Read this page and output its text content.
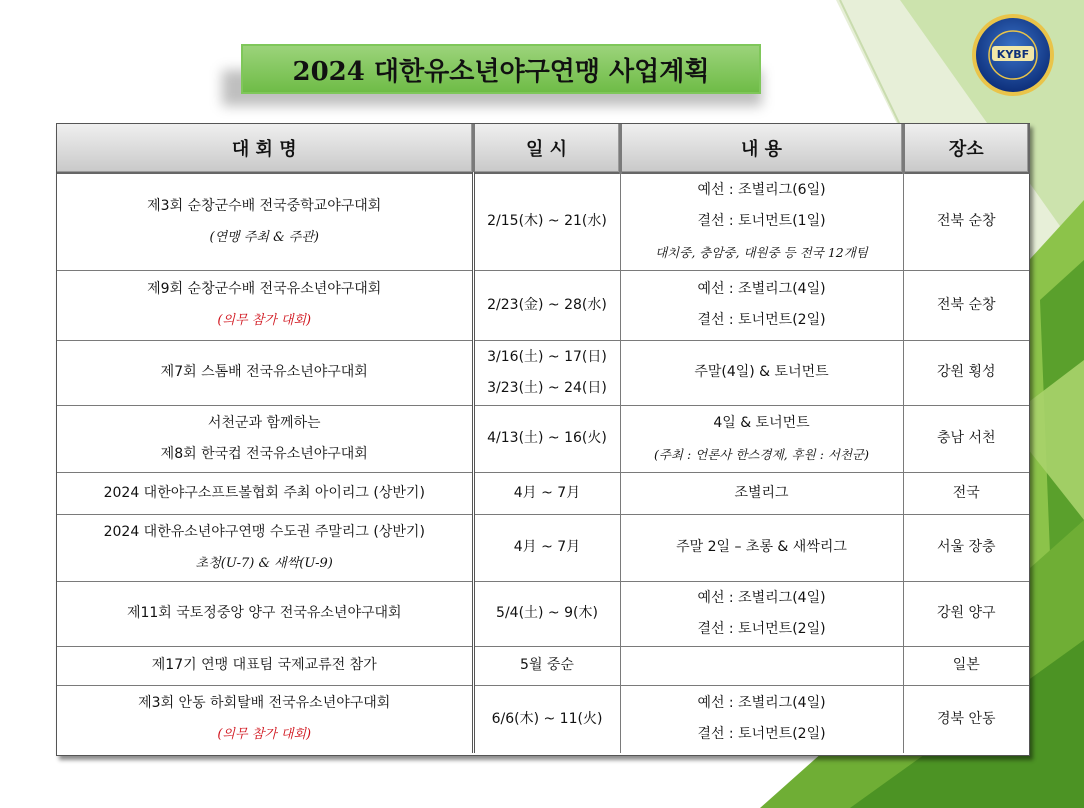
2024 대한유소년야구연맹 사업계획
KYBF
대 회 명	일 시	내 용	장소

제3회 순창군수배 전국중학교야구대회
(연맹 주최 & 주관)	2/15(木) ~ 21(水)	예선 : 조별리그(6일)
결선 : 토너먼트(1일)
대치중, 충암중, 대원중 등 전국 12개팀	전북 순창

제9회 순창군수배 전국유소년야구대회
(의무 참가 대회)	2/23(金) ~ 28(水)	예선 : 조별리그(4일)
결선 : 토너먼트(2일)	전북 순창

제7회 스톰배 전국유소년야구대회	3/16(土) ~ 17(日)
3/23(土) ~ 24(日)	주말(4일) & 토너먼트	강원 횡성

서천군과 함께하는
제8회 한국컵 전국유소년야구대회	4/13(土) ~ 16(火)	4일 & 토너먼트
(주최 : 언론사 한스경제, 후원 : 서천군)	충남 서천

2024 대한야구소프트볼협회 주최 아이리그 (상반기)	4月 ~ 7月	조별리그	전국

2024 대한유소년야구연맹 수도권 주말리그 (상반기)
초청(U-7) & 새싹(U-9)	4月 ~ 7月	주말 2일 – 초롱 & 새싹리그	서울 장충

제11회 국토정중앙 양구 전국유소년야구대회	5/4(土) ~ 9(木)	예선 : 조별리그(4일)
결선 : 토너먼트(2일)	강원 양구

제17기 연맹 대표팀 국제교류전 참가	5월 중순		일본

제3회 안동 하회탈배 전국유소년야구대회
(의무 참가 대회)	6/6(木) ~ 11(火)	예선 : 조별리그(4일)
결선 : 토너먼트(2일)	경북 안동
